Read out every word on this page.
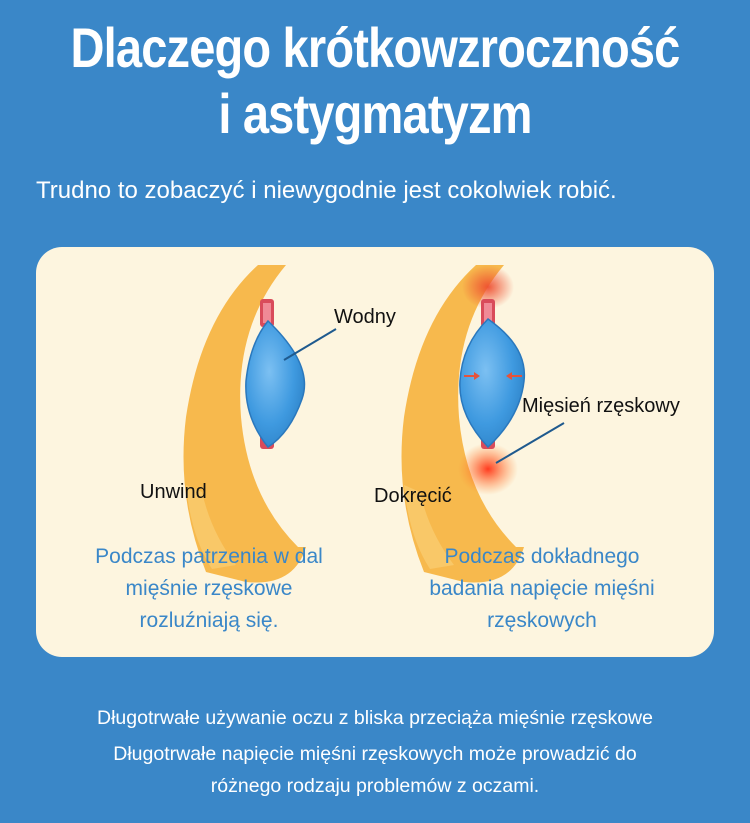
Dlaczego krótkowzroczność
i astygmatyzm
Trudno to zobaczyć i niewygodnie jest cokolwiek robić.
Wodny
Unwind
Mięsień rzęskowy
Dokręcić
Podczas patrzenia w dal
mięśnie rzęskowe
rozluźniają się.
Podczas dokładnego
badania napięcie mięśni
rzęskowych
Długotrwałe używanie oczu z bliska przeciąża mięśnie rzęskowe
Długotrwałe napięcie mięśni rzęskowych może prowadzić do
różnego rodzaju problemów z oczami.
